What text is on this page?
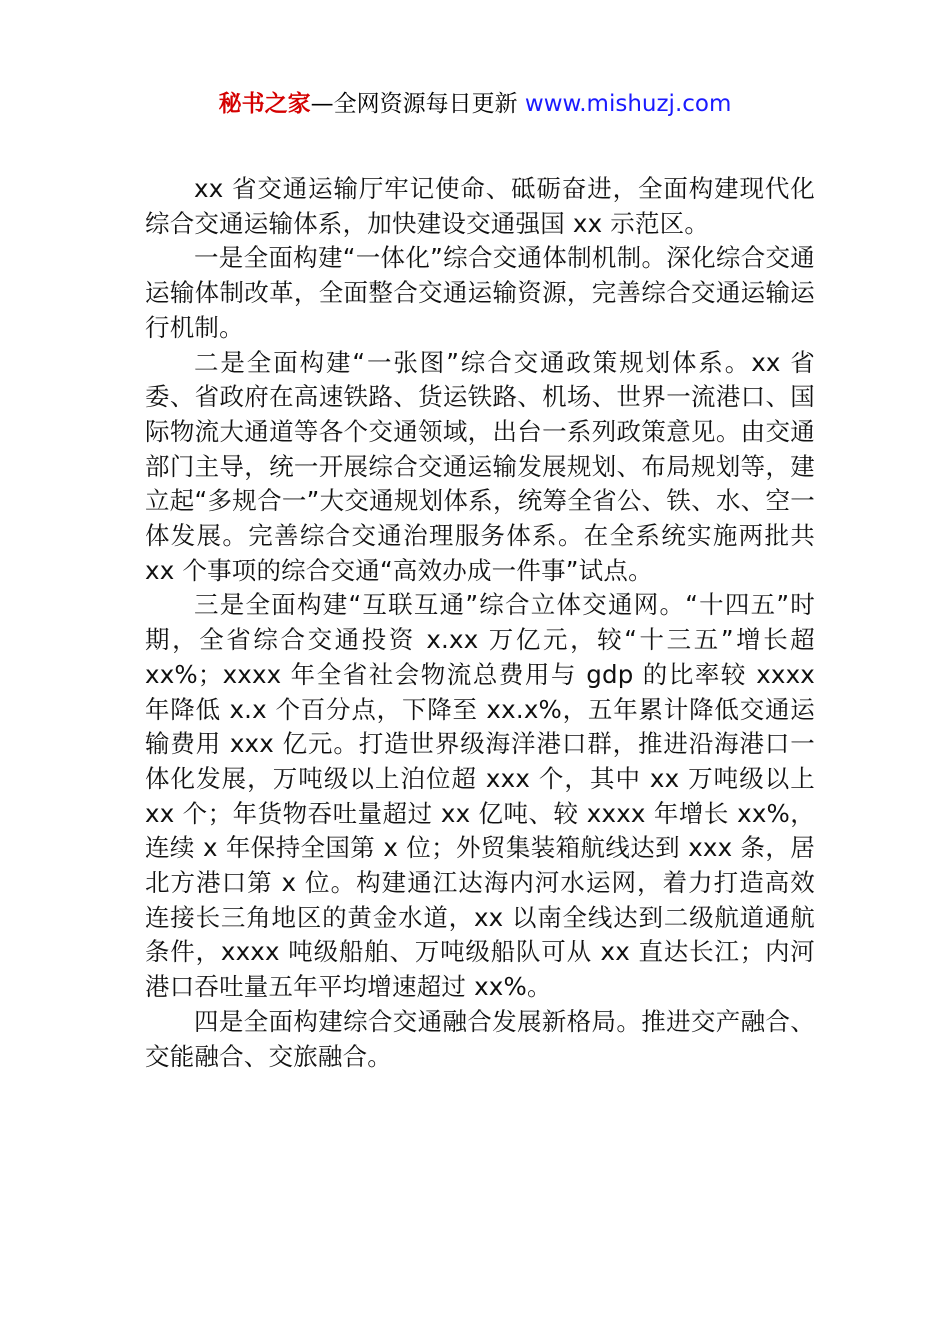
秘书之家—全网资源每日更新 www.mishuzj.com

xx 省交通运输厅牢记使命、砥砺奋进，全面构建现代化综合交通运输体系，加快建设交通强国 xx 示范区。

一是全面构建“一体化”综合交通体制机制。深化综合交通运输体制改革，全面整合交通运输资源，完善综合交通运输运行机制。

二是全面构建“一张图”综合交通政策规划体系。xx 省委、省政府在高速铁路、货运铁路、机场、世界一流港口、国际物流大通道等各个交通领域，出台一系列政策意见。由交通部门主导，统一开展综合交通运输发展规划、布局规划等，建立起“多规合一”大交通规划体系，统筹全省公、铁、水、空一体发展。完善综合交通治理服务体系。在全系统实施两批共 xx 个事项的综合交通“高效办成一件事”试点。

三是全面构建“互联互通”综合立体交通网。“十四五”时期，全省综合交通投资 x.xx 万亿元，较“十三五”增长超 xx%；xxxx 年全省社会物流总费用与 gdp 的比率较 xxxx 年降低 x.x 个百分点，下降至 xx.x%，五年累计降低交通运输费用 xxx 亿元。打造世界级海洋港口群，推进沿海港口一体化发展，万吨级以上泊位超 xxx 个，其中 xx 万吨级以上 xx 个；年货物吞吐量超过 xx 亿吨、较 xxxx 年增长 xx%，连续 x 年保持全国第 x 位；外贸集装箱航线达到 xxx 条，居北方港口第 x 位。构建通江达海内河水运网，着力打造高效连接长三角地区的黄金水道，xx 以南全线达到二级航道通航条件，xxxx 吨级船舶、万吨级船队可从 xx 直达长江；内河港口吞吐量五年平均增速超过 xx%。

四是全面构建综合交通融合发展新格局。推进交产融合、交能融合、交旅融合。
